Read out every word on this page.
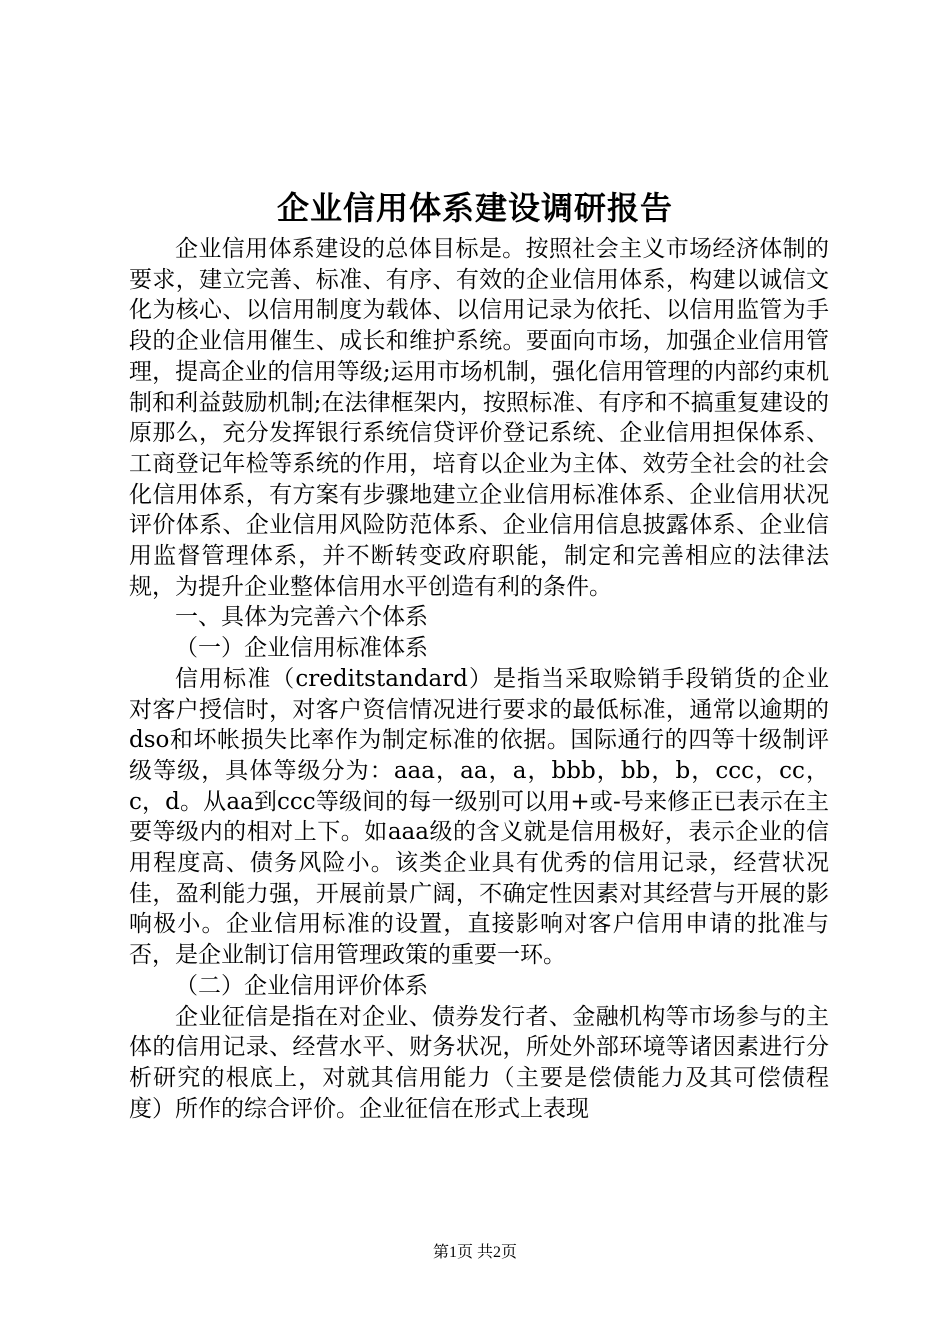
企业信用体系建设调研报告

企业信用体系建设的总体目标是。按照社会主义市场经济体制的要求，建立完善、标准、有序、有效的企业信用体系，构建以诚信文化为核心、以信用制度为载体、以信用记录为依托、以信用监管为手段的企业信用催生、成长和维护系统。要面向市场，加强企业信用管理，提高企业的信用等级;运用市场机制，强化信用管理的内部约束机制和利益鼓励机制;在法律框架内，按照标准、有序和不搞重复建设的原那么，充分发挥银行系统信贷评价登记系统、企业信用担保体系、工商登记年检等系统的作用，培育以企业为主体、效劳全社会的社会化信用体系，有方案有步骤地建立企业信用标准体系、企业信用状况评价体系、企业信用风险防范体系、企业信用信息披露体系、企业信用监督管理体系，并不断转变政府职能，制定和完善相应的法律法规，为提升企业整体信用水平创造有利的条件。

一、具体为完善六个体系

（一）企业信用标准体系

信用标准（creditstandard）是指当采取赊销手段销货的企业对客户授信时，对客户资信情况进行要求的最低标准，通常以逾期的dso和坏帐损失比率作为制定标准的依据。国际通行的四等十级制评级等级，具体等级分为：aaa，aa，a，bbb，bb，b，ccc，cc，c，d。从aa到ccc等级间的每一级别可以用+或-号来修正已表示在主要等级内的相对上下。如aaa级的含义就是信用极好，表示企业的信用程度高、债务风险小。该类企业具有优秀的信用记录，经营状况佳，盈利能力强，开展前景广阔，不确定性因素对其经营与开展的影响极小。企业信用标准的设置，直接影响对客户信用申请的批准与否，是企业制订信用管理政策的重要一环。

（二）企业信用评价体系

企业征信是指在对企业、债券发行者、金融机构等市场参与的主体的信用记录、经营水平、财务状况，所处外部环境等诸因素进行分析研究的根底上，对就其信用能力（主要是偿债能力及其可偿债程度）所作的综合评价。企业征信在形式上表现

第1页 共2页
